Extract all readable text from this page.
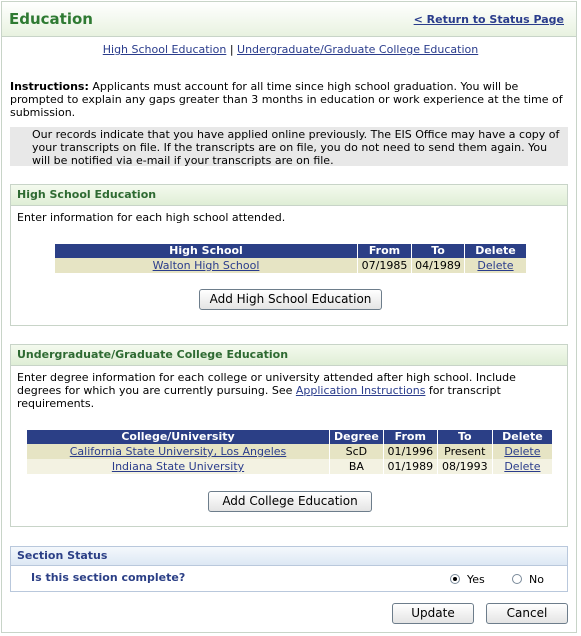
Education	< Return to Status Page
High School Education | Undergraduate/Graduate College Education
Instructions: Applicants must account for all time since high school graduation. You will be prompted to explain any gaps greater than 3 months in education or work experience at the time of submission.
Our records indicate that you have applied online previously. The EIS Office may have a copy of your transcripts on file. If the transcripts are on file, you do not need to send them again. You will be notified via e-mail if your transcripts are on file.
High School Education
Enter information for each high school attended.
High School	From	To	Delete
Walton High School	07/1985	04/1989	Delete
Add High School Education
Undergraduate/Graduate College Education
Enter degree information for each college or university attended after high school. Include degrees for which you are currently pursuing. See Application Instructions for transcript requirements.
College/University	Degree	From	To	Delete
California State University, Los Angeles	ScD	01/1996	Present	Delete
Indiana State University	BA	01/1989	08/1993	Delete
Add College Education
Section Status
Is this section complete?	Yes	No
Update	Cancel
